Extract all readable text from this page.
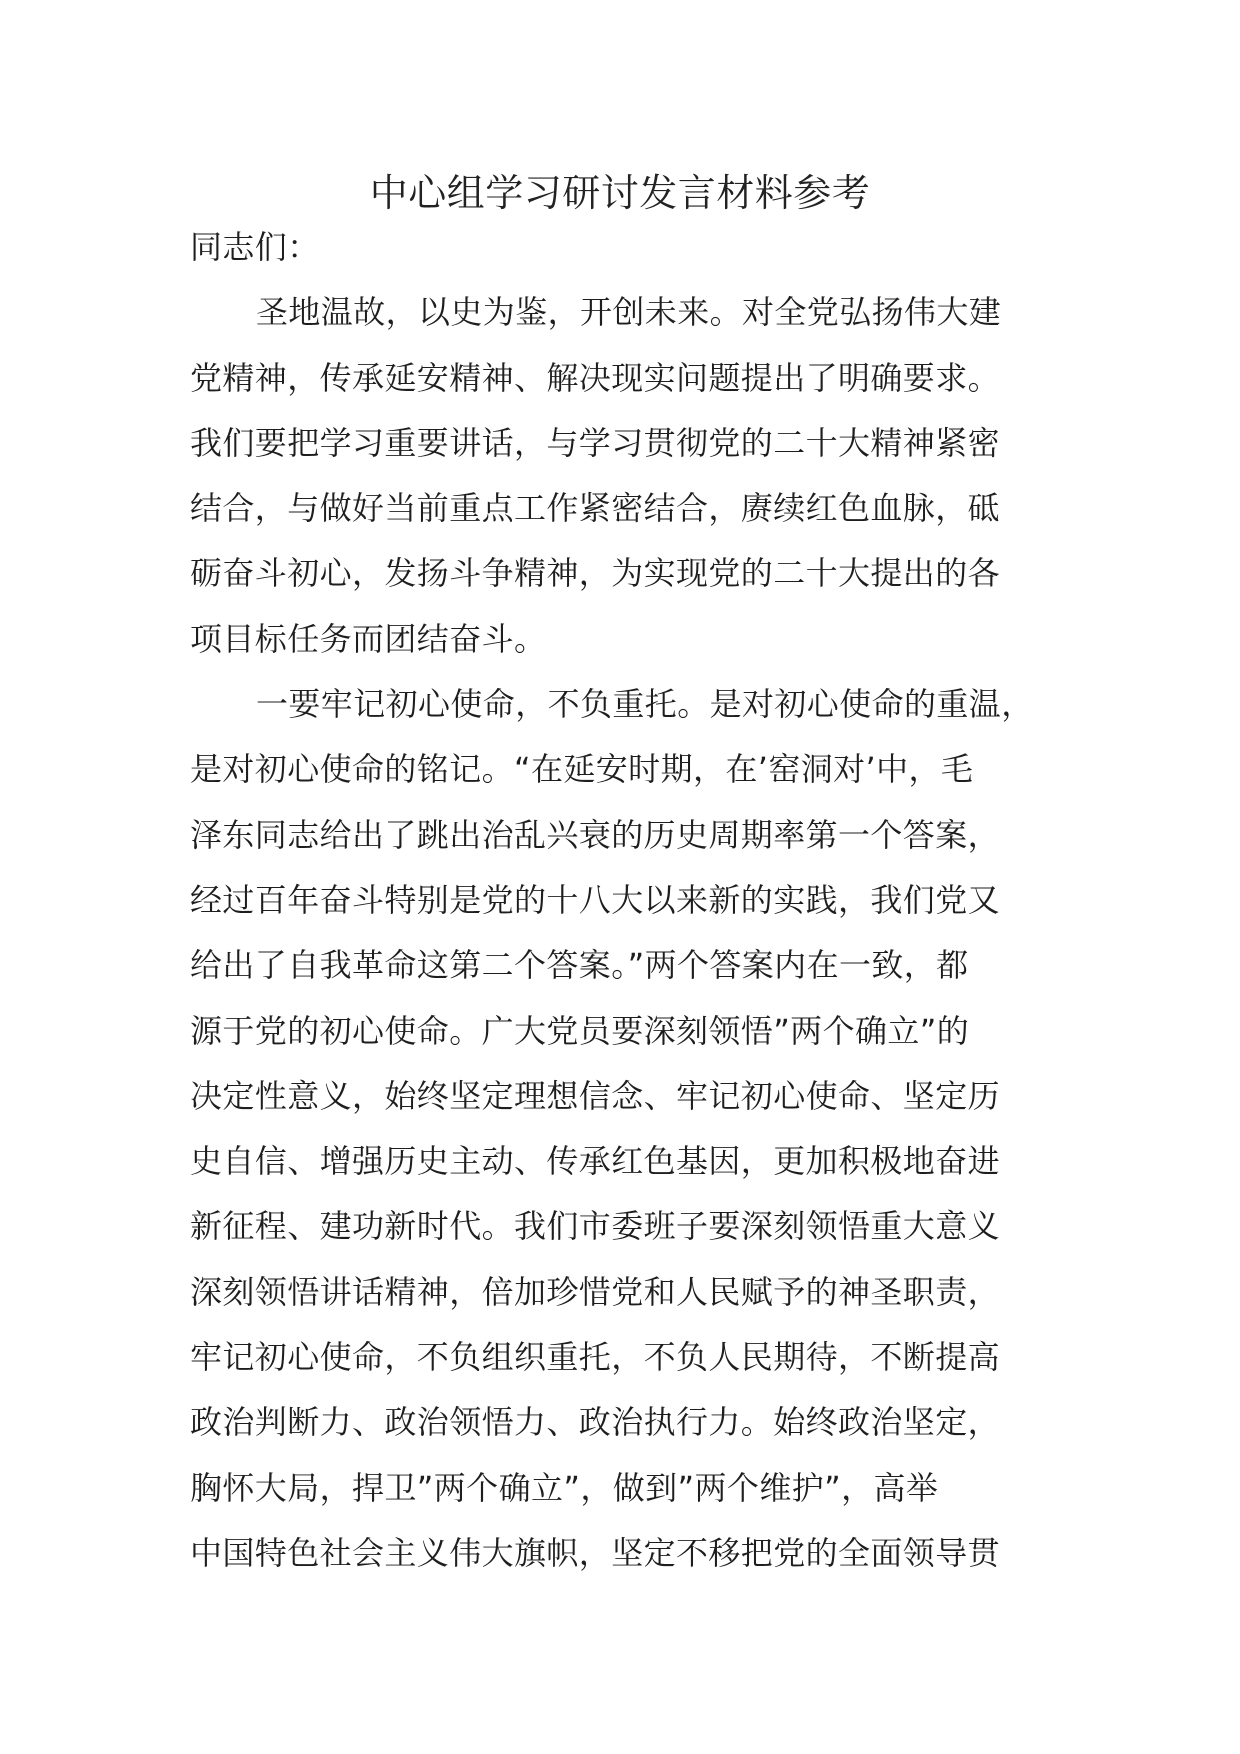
中心组学习研讨发言材料参考
同志们：
圣地温故，以史为鉴，开创未来。对全党弘扬伟大建
党精神，传承延安精神、解决现实问题提出了明确要求。
我们要把学习重要讲话，与学习贯彻党的二十大精神紧密
结合，与做好当前重点工作紧密结合，赓续红色血脉，砥
砺奋斗初心，发扬斗争精神，为实现党的二十大提出的各
项目标任务而团结奋斗。
一要牢记初心使命，不负重托。是对初心使命的重温，
是对初心使命的铭记。“在延安时期，在’窑洞对’中，毛
泽东同志给出了跳出治乱兴衰的历史周期率第一个答案，
经过百年奋斗特别是党的十八大以来新的实践，我们党又
给出了自我革命这第二个答案。”两个答案内在一致，都
源于党的初心使命。广大党员要深刻领悟”两个确立”的
决定性意义，始终坚定理想信念、牢记初心使命、坚定历
史自信、增强历史主动、传承红色基因，更加积极地奋进
新征程、建功新时代。我们市委班子要深刻领悟重大意义
深刻领悟讲话精神，倍加珍惜党和人民赋予的神圣职责，
牢记初心使命，不负组织重托，不负人民期待，不断提高
政治判断力、政治领悟力、政治执行力。始终政治坚定，
胸怀大局，捍卫”两个确立”，做到”两个维护”，高举
中国特色社会主义伟大旗帜，坚定不移把党的全面领导贯
